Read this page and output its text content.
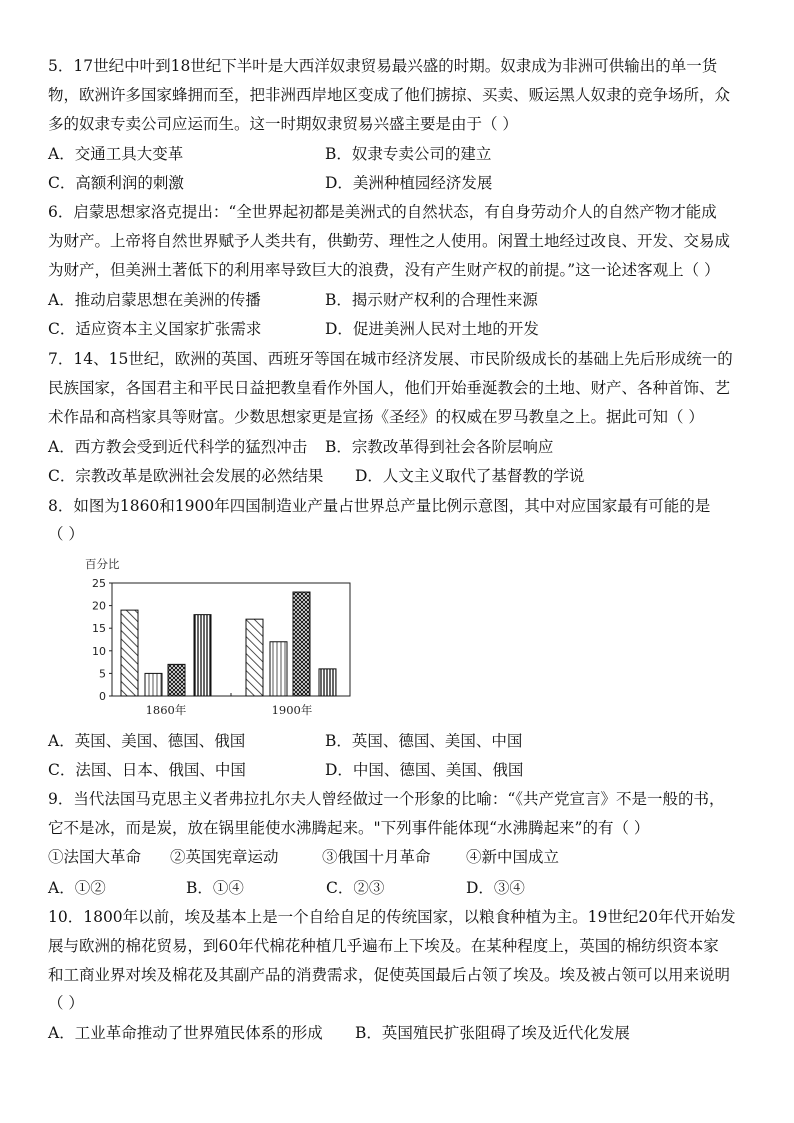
5．17世纪中叶到18世纪下半叶是大西洋奴隶贸易最兴盛的时期。奴隶成为非洲可供输出的单一货
物，欧洲许多国家蜂拥而至，把非洲西岸地区变成了他们掳掠、买卖、贩运黑人奴隶的竞争场所，众
多的奴隶专卖公司应运而生。这一时期奴隶贸易兴盛主要是由于（ ）
A．交通工具大变革	B．奴隶专卖公司的建立
C．高额利润的刺激	D．美洲种植园经济发展
6．启蒙思想家洛克提出：“全世界起初都是美洲式的自然状态，有自身劳动介人的自然产物才能成
为财产。上帝将自然世界赋予人类共有，供勤劳、理性之人使用。闲置土地经过改良、开发、交易成
为财产，但美洲土著低下的利用率导致巨大的浪费，没有产生财产权的前提。”这一论述客观上（ ）
A．推动启蒙思想在美洲的传播	B．揭示财产权利的合理性来源
C．适应资本主义国家扩张需求	D．促进美洲人民对土地的开发
7．14、15世纪，欧洲的英国、西班牙等国在城市经济发展、市民阶级成长的基础上先后形成统一的
民族国家，各国君主和平民日益把教皇看作外国人，他们开始垂涎教会的土地、财产、各种首饰、艺
术作品和高档家具等财富。少数思想家更是宣扬《圣经》的权威在罗马教皇之上。据此可知（ ）
A．西方教会受到近代科学的猛烈冲击 B．宗教改革得到社会各阶层响应
C．宗教改革是欧洲社会发展的必然结果 D．人文主义取代了基督教的学说
8．如图为1860和1900年四国制造业产量占世界总产量比例示意图，其中对应国家最有可能的是
（ ）
百分比
0
5
10
15
20
25
1860年	1900年
A．英国、美国、德国、俄国	B．英国、德国、美国、中国
C．法国、日本、俄国、中国	D．中国、德国、美国、俄国
9．当代法国马克思主义者弗拉扎尔夫人曾经做过一个形象的比喻：“《共产党宣言》不是一般的书，
它不是冰，而是炭，放在锅里能使水沸腾起来。"下列事件能体现“水沸腾起来”的有（ ）
①法国大革命 ②英国宪章运动	③俄国十月革命 ④新中国成立
A．①②	B．①④	C．②③	D．③④
10．1800年以前，埃及基本上是一个自给自足的传统国家，以粮食种植为主。19世纪20年代开始发
展与欧洲的棉花贸易，到60年代棉花种植几乎遍布上下埃及。在某种程度上，英国的棉纺织资本家
和工商业界对埃及棉花及其副产品的消费需求，促使英国最后占领了埃及。埃及被占领可以用来说明
（ ）
A．工业革命推动了世界殖民体系的形成 B．英国殖民扩张阻碍了埃及近代化发展
